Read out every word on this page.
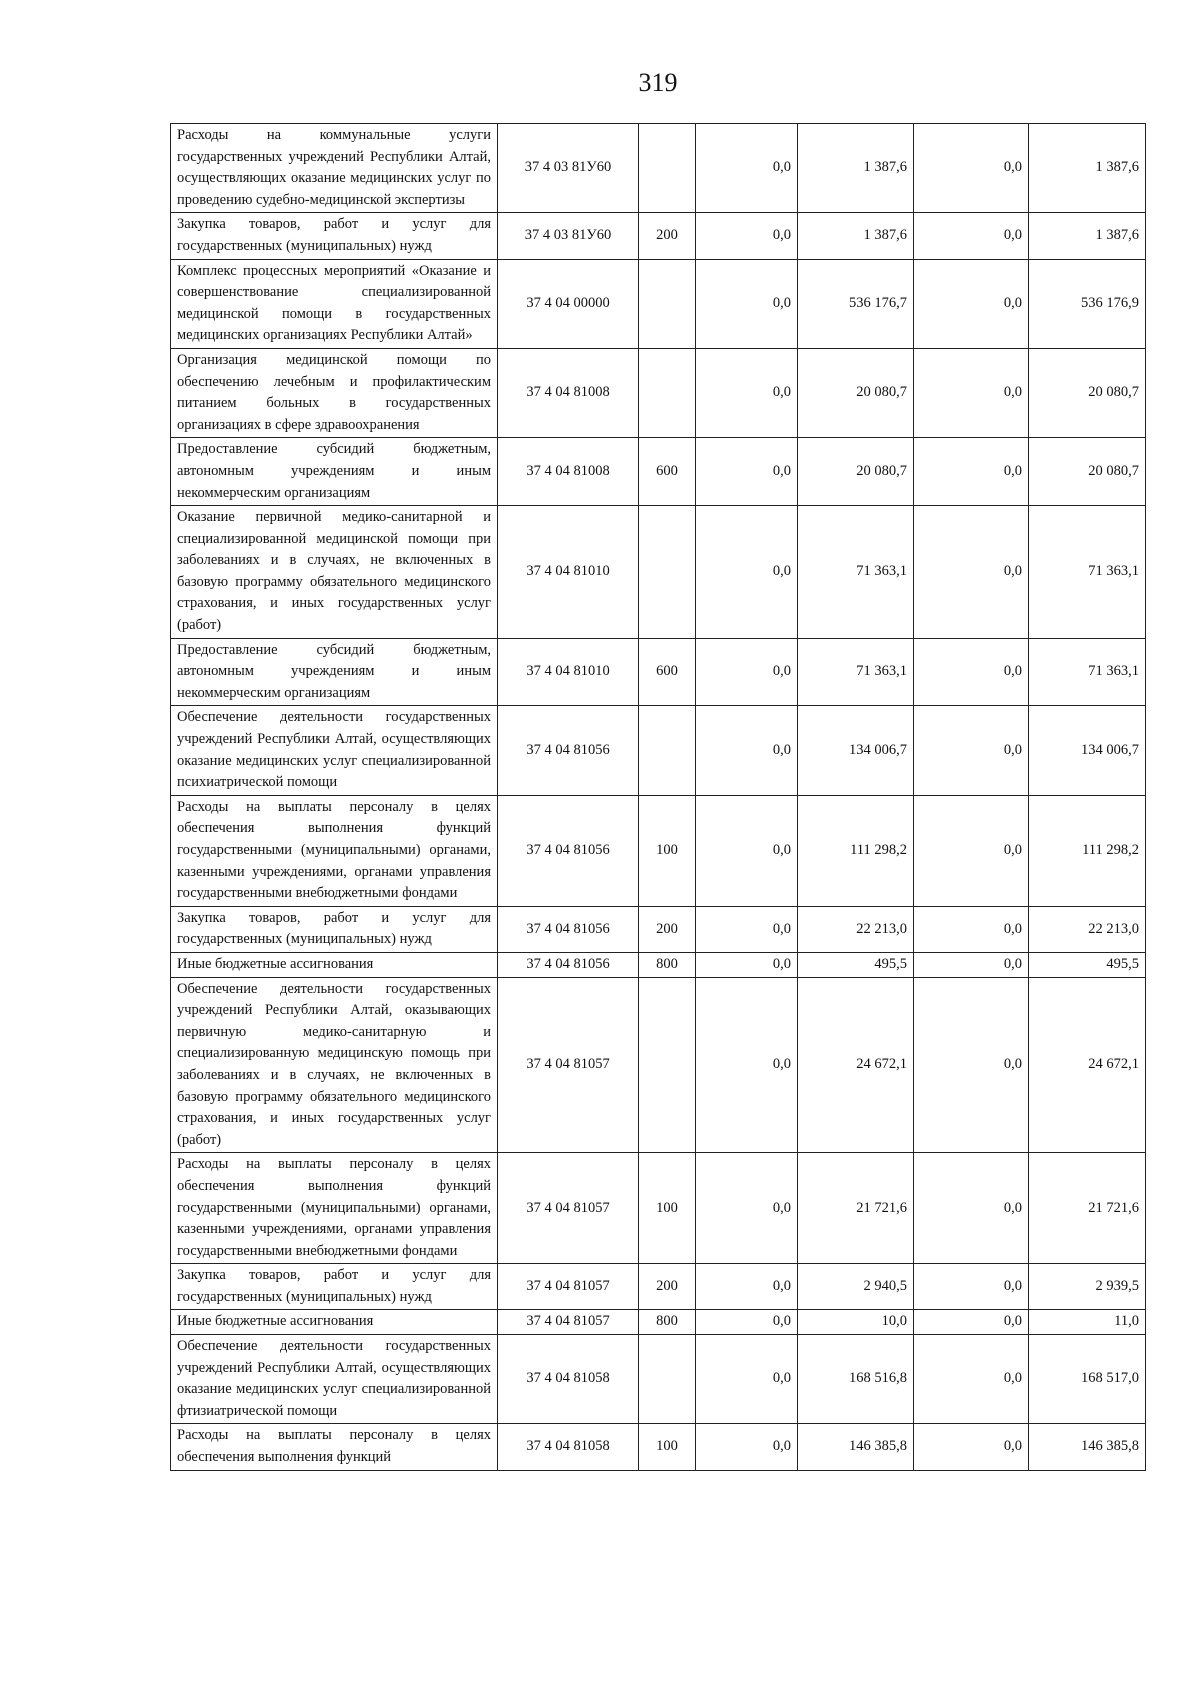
319
Расходы на коммунальные услуги государственных учреждений Республики Алтай, осуществляющих оказание медицинских услуг по проведению судебно-медицинской экспертизы	37 4 03 81У60		0,0	1 387,6	0,0	1 387,6
Закупка товаров, работ и услуг для государственных (муниципальных) нужд	37 4 03 81У60	200	0,0	1 387,6	0,0	1 387,6
Комплекс процессных мероприятий «Оказание и совершенствование специализированной медицинской помощи в государственных медицинских организациях Республики Алтай»	37 4 04 00000		0,0	536 176,7	0,0	536 176,9
Организация медицинской помощи по обеспечению лечебным и профилактическим питанием больных в государственных организациях в сфере здравоохранения	37 4 04 81008		0,0	20 080,7	0,0	20 080,7
Предоставление субсидий бюджетным, автономным учреждениям и иным некоммерческим организациям	37 4 04 81008	600	0,0	20 080,7	0,0	20 080,7
Оказание первичной медико-санитарной и специализированной медицинской помощи при заболеваниях и в случаях, не включенных в базовую программу обязательного медицинского страхования, и иных государственных услуг (работ)	37 4 04 81010		0,0	71 363,1	0,0	71 363,1
Предоставление субсидий бюджетным, автономным учреждениям и иным некоммерческим организациям	37 4 04 81010	600	0,0	71 363,1	0,0	71 363,1
Обеспечение деятельности государственных учреждений Республики Алтай, осуществляющих оказание медицинских услуг специализированной психиатрической помощи	37 4 04 81056		0,0	134 006,7	0,0	134 006,7
Расходы на выплаты персоналу в целях обеспечения выполнения функций государственными (муниципальными) органами, казенными учреждениями, органами управления государственными внебюджетными фондами	37 4 04 81056	100	0,0	111 298,2	0,0	111 298,2
Закупка товаров, работ и услуг для государственных (муниципальных) нужд	37 4 04 81056	200	0,0	22 213,0	0,0	22 213,0
Иные бюджетные ассигнования	37 4 04 81056	800	0,0	495,5	0,0	495,5
Обеспечение деятельности государственных учреждений Республики Алтай, оказывающих первичную медико-санитарную и специализированную медицинскую помощь при заболеваниях и в случаях, не включенных в базовую программу обязательного медицинского страхования, и иных государственных услуг (работ)	37 4 04 81057		0,0	24 672,1	0,0	24 672,1
Расходы на выплаты персоналу в целях обеспечения выполнения функций государственными (муниципальными) органами, казенными учреждениями, органами управления государственными внебюджетными фондами	37 4 04 81057	100	0,0	21 721,6	0,0	21 721,6
Закупка товаров, работ и услуг для государственных (муниципальных) нужд	37 4 04 81057	200	0,0	2 940,5	0,0	2 939,5
Иные бюджетные ассигнования	37 4 04 81057	800	0,0	10,0	0,0	11,0
Обеспечение деятельности государственных учреждений Республики Алтай, осуществляющих оказание медицинских услуг специализированной фтизиатрической помощи	37 4 04 81058		0,0	168 516,8	0,0	168 517,0
Расходы на выплаты персоналу в целях обеспечения выполнения функций	37 4 04 81058	100	0,0	146 385,8	0,0	146 385,8
